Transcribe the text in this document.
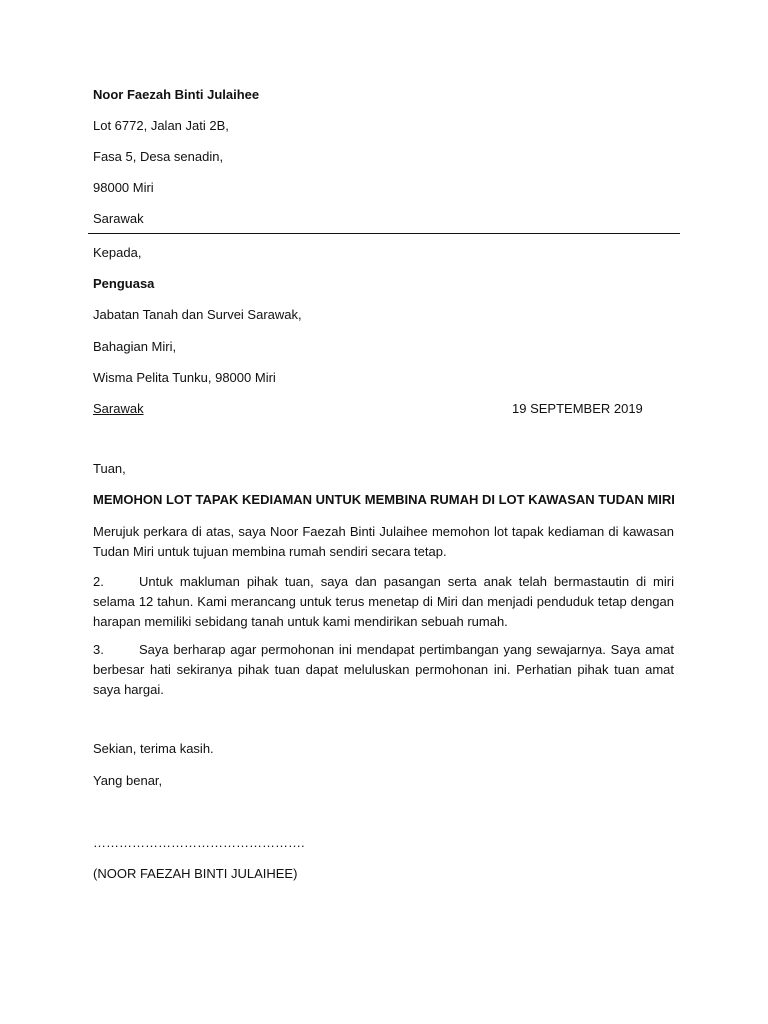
Noor Faezah Binti Julaihee
Lot 6772, Jalan Jati 2B,
Fasa 5, Desa senadin,
98000 Miri
Sarawak
Kepada,
Penguasa
Jabatan Tanah dan Survei Sarawak,
Bahagian Miri,
Wisma Pelita Tunku, 98000 Miri
Sarawak	19 SEPTEMBER 2019
Tuan,
MEMOHON LOT TAPAK KEDIAMAN UNTUK MEMBINA RUMAH DI LOT KAWASAN TUDAN MIRI
Merujuk perkara di atas, saya Noor Faezah Binti Julaihee memohon lot tapak kediaman di kawasan Tudan Miri untuk tujuan membina rumah sendiri secara tetap.
2.	Untuk makluman pihak tuan, saya dan pasangan serta anak telah bermastautin di miri selama 12 tahun. Kami merancang untuk terus menetap di Miri dan menjadi penduduk tetap dengan harapan memiliki sebidang tanah untuk kami mendirikan sebuah rumah.
3.	Saya berharap agar permohonan ini mendapat pertimbangan yang sewajarnya. Saya amat berbesar hati sekiranya pihak tuan dapat meluluskan permohonan ini. Perhatian pihak tuan amat saya hargai.
Sekian, terima kasih.
Yang benar,
………………………………………….
(NOOR FAEZAH BINTI JULAIHEE)
